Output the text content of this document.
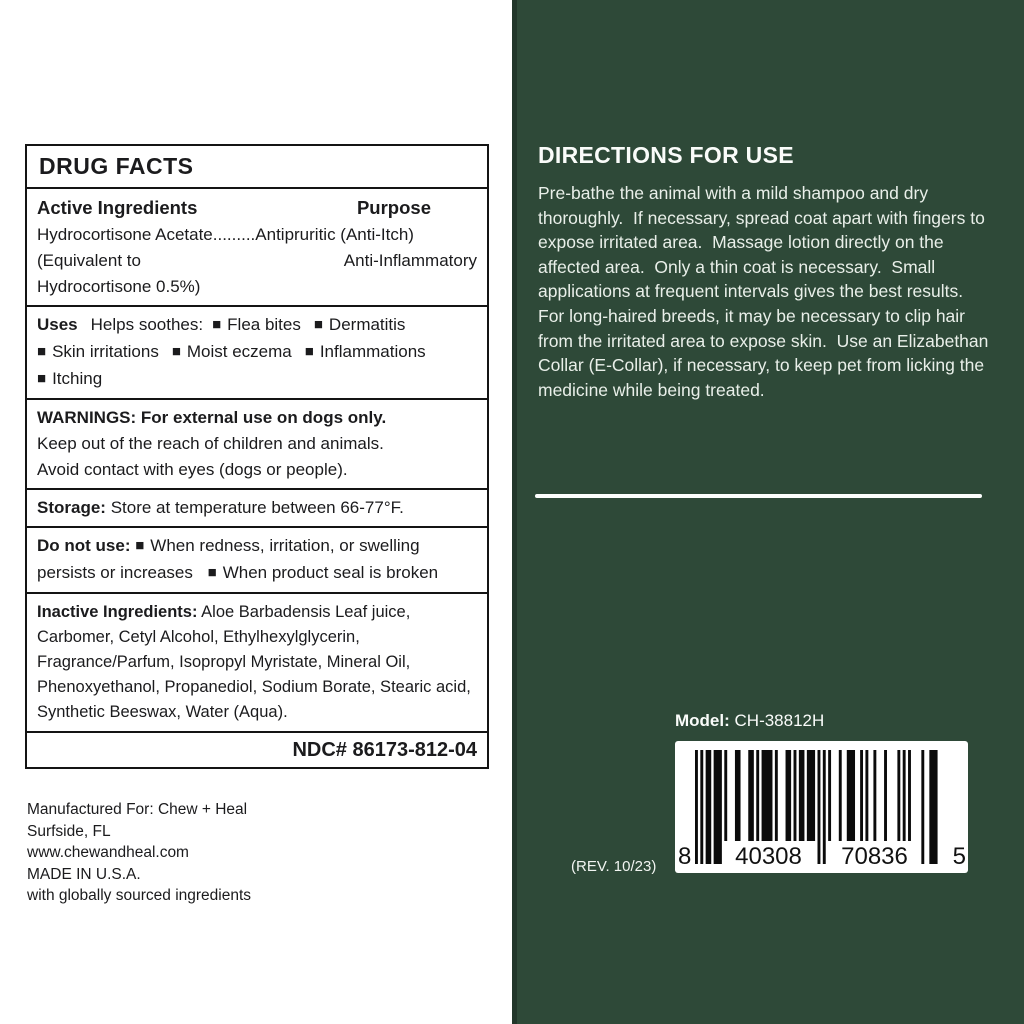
DRUG FACTS
Active Ingredients	Purpose
Hydrocortisone Acetate.........Antipruritic (Anti-Itch)
(Equivalent to	Anti-Inflammatory
Hydrocortisone 0.5%)
Uses Helps soothes: ■ Flea bites ■ Dermatitis■ Skin irritations ■ Moist eczema ■ Inflammations■ Itching
WARNINGS: For external use on dogs only.
Keep out of the reach of children and animals.
Avoid contact with eyes (dogs or people).
Storage: Store at temperature between 66-77°F.
Do not use: ■ When redness, irritation, or swelling persists or increases ■ When product seal is broken
Inactive Ingredients: Aloe Barbadensis Leaf juice, Carbomer, Cetyl Alcohol, Ethylhexylglycerin, Fragrance/Parfum, Isopropyl Myristate, Mineral Oil, Phenoxyethanol, Propanediol, Sodium Borate, Stearic acid, Synthetic Beeswax, Water (Aqua).
NDC# 86173-812-04
Manufactured For: Chew + Heal
Surfside, FL
www.chewandheal.com
MADE IN U.S.A.
with globally sourced ingredients
DIRECTIONS FOR USE
Pre-bathe the animal with a mild shampoo and dry thoroughly.  If necessary, spread coat apart with fingers to expose irritated area.  Massage lotion directly on the affected area.  Only a thin coat is necessary.  Small applications at frequent intervals gives the best results. For long-haired breeds, it may be necessary to clip hair from the irritated area to expose skin.  Use an Elizabethan Collar (E-Collar), if necessary, to keep pet from licking the medicine while being treated.
Model: CH-38812H
8	40308	70836	5
(REV. 10/23)
